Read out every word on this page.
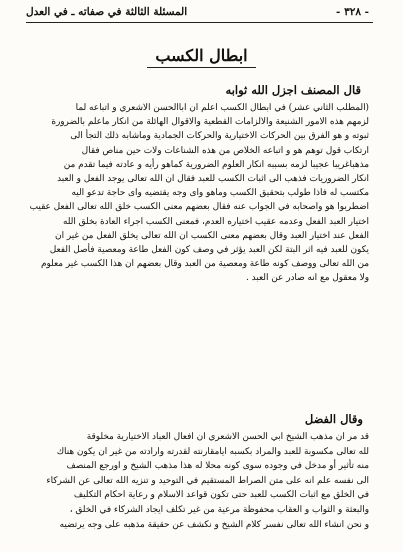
- ٣٢٨ -
المسئلة الثالثة في صفاته ـ في العدل
ابطال الكسب
قال المصنف اجزل الله ثوابه
(المطلب الثاني عشر) في ابطال الكسب اعلم ان اباالحسن الاشعري و اتباعه لما
لزمهم هذه الامور الشنيعة والالزامات القطعية والاقوال الهائلة من انكار ماعلم بالضرورة
ثبوته و هو الفرق بين الحركات الاختيارية والحركات الجمادية وماشابه ذلك التجأ الى
ارتكاب قول توهم هو و اتباعه الخلاص من هذه الشناعات ولات حين مناص فقال
مذهباغريبا عجيبا لزمه بسببه انكار العلوم الضرورية كماهو رأيه و عادته فيما تقدم من
انكار الضروريات فذهب الى اثبات الكسب للعبد فقال ان الله تعالى يوجد الفعل و العبد
مكتسب له فاذا طولب بتحقيق الكسب وماهو واى وجه يقتضيه واى حاجة تدعو اليه
اضطربوا هو واصحابه في الجواب عنه فقال بعضهم معنى الكسب خلق الله تعالى الفعل عقيب
اختيار العبد الفعل وعدمه عقيب اختياره العدم، فمعنى الكسب اجراء العادة بخلق الله
الفعل عند اختيار العبد وقال بعضهم معنى الكسب ان الله تعالى يخلق الفعل من غير ان
يكون للعبد فيه اثر البتة لكن العبد يؤثر في وصف كون الفعل طاعة ومعصية فأصل الفعل
من الله تعالى ووصف كونه طاعة ومعصية من العبد وقال بعضهم ان هذا الكسب غير معلوم
ولا معقول مع انه صادر عن العبد .
وقال الفضل
قد مر ان مذهب الشيخ ابي الحسن الاشعري ان افعال العباد الاختيارية مخلوقة
لله تعالى مكسوبة للعبد والمراد بكسبه ايامقارنته لقدرته وارادته من غير ان يكون هناك
منه تأثير أو مدخل في وجوده سوى كونه محلا له هذا مذهب الشيخ و اورجع المنصف
الى نفسه علم انه على متن الصراط المستقيم في التوحيد و تنزيه الله تعالى عن الشركاء
في الخلق مع اثبات الكسب للعبد حتى تكون قواعد الاسلام و رعاية احكام التكليف
والبعثة و الثواب و العقاب محفوظة مرعية من غير تكلف ايجاد الشركاء في الخلق ،
و نحن انشاء الله تعالى نفسر كلام الشيخ و نكشف عن حقيقة مذهبه على وجه يرتضيه
